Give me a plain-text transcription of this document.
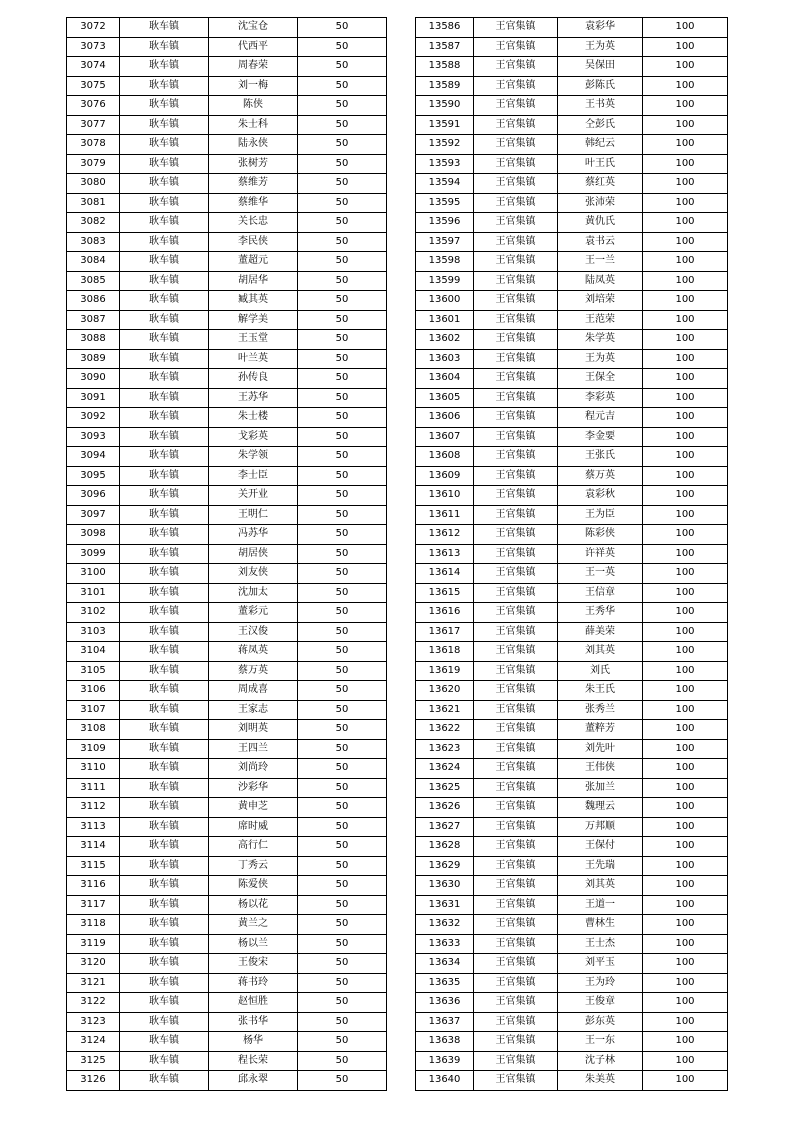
3072	耿车镇	沈宝仓	50
3073	耿车镇	代西平	50
3074	耿车镇	周春荣	50
3075	耿车镇	刘一梅	50
3076	耿车镇	陈侠	50
3077	耿车镇	朱士科	50
3078	耿车镇	陆永侠	50
3079	耿车镇	张树芳	50
3080	耿车镇	蔡维芳	50
3081	耿车镇	蔡维华	50
3082	耿车镇	关长忠	50
3083	耿车镇	李民侠	50
3084	耿车镇	董超元	50
3085	耿车镇	胡居华	50
3086	耿车镇	臧其英	50
3087	耿车镇	解学美	50
3088	耿车镇	王玉堂	50
3089	耿车镇	叶兰英	50
3090	耿车镇	孙传良	50
3091	耿车镇	王苏华	50
3092	耿车镇	朱士楼	50
3093	耿车镇	戈彩英	50
3094	耿车镇	朱学领	50
3095	耿车镇	李士臣	50
3096	耿车镇	关开业	50
3097	耿车镇	王明仁	50
3098	耿车镇	冯苏华	50
3099	耿车镇	胡居侠	50
3100	耿车镇	刘友侠	50
3101	耿车镇	沈加太	50
3102	耿车镇	董彩元	50
3103	耿车镇	王汉俊	50
3104	耿车镇	蒋凤英	50
3105	耿车镇	蔡万英	50
3106	耿车镇	周成喜	50
3107	耿车镇	王家志	50
3108	耿车镇	刘明英	50
3109	耿车镇	王四兰	50
3110	耿车镇	刘尚玲	50
3111	耿车镇	沙彩华	50
3112	耿车镇	黄申芝	50
3113	耿车镇	席时威	50
3114	耿车镇	高行仁	50
3115	耿车镇	丁秀云	50
3116	耿车镇	陈爱侠	50
3117	耿车镇	杨以花	50
3118	耿车镇	黄兰之	50
3119	耿车镇	杨以兰	50
3120	耿车镇	王俊宋	50
3121	耿车镇	蒋书玲	50
3122	耿车镇	赵恒胜	50
3123	耿车镇	张书华	50
3124	耿车镇	杨华	50
3125	耿车镇	程长荣	50
3126	耿车镇	邱永翠	50
13586	王官集镇	袁彩华	100
13587	王官集镇	王为英	100
13588	王官集镇	吴保田	100
13589	王官集镇	彭陈氏	100
13590	王官集镇	王书英	100
13591	王官集镇	仝彭氏	100
13592	王官集镇	韩纪云	100
13593	王官集镇	叶王氏	100
13594	王官集镇	蔡红英	100
13595	王官集镇	张沛荣	100
13596	王官集镇	黄仇氏	100
13597	王官集镇	袁书云	100
13598	王官集镇	王一兰	100
13599	王官集镇	陆凤英	100
13600	王官集镇	刘培荣	100
13601	王官集镇	王范荣	100
13602	王官集镇	朱学英	100
13603	王官集镇	王为英	100
13604	王官集镇	王保全	100
13605	王官集镇	李彩英	100
13606	王官集镇	程元吉	100
13607	王官集镇	李金要	100
13608	王官集镇	王张氏	100
13609	王官集镇	蔡万英	100
13610	王官集镇	袁彩秋	100
13611	王官集镇	王为臣	100
13612	王官集镇	陈彩侠	100
13613	王官集镇	许祥英	100
13614	王官集镇	王一英	100
13615	王官集镇	王信章	100
13616	王官集镇	王秀华	100
13617	王官集镇	薛美荣	100
13618	王官集镇	刘其英	100
13619	王官集镇	刘氏	100
13620	王官集镇	朱王氏	100
13621	王官集镇	张秀兰	100
13622	王官集镇	董粹芳	100
13623	王官集镇	刘先叶	100
13624	王官集镇	王伟侠	100
13625	王官集镇	张加兰	100
13626	王官集镇	魏理云	100
13627	王官集镇	万邦顺	100
13628	王官集镇	王保付	100
13629	王官集镇	王先瑞	100
13630	王官集镇	刘其英	100
13631	王官集镇	王道一	100
13632	王官集镇	曹林生	100
13633	王官集镇	王士杰	100
13634	王官集镇	刘平玉	100
13635	王官集镇	王为玲	100
13636	王官集镇	王俊章	100
13637	王官集镇	彭东英	100
13638	王官集镇	王一东	100
13639	王官集镇	沈子林	100
13640	王官集镇	朱美英	100
